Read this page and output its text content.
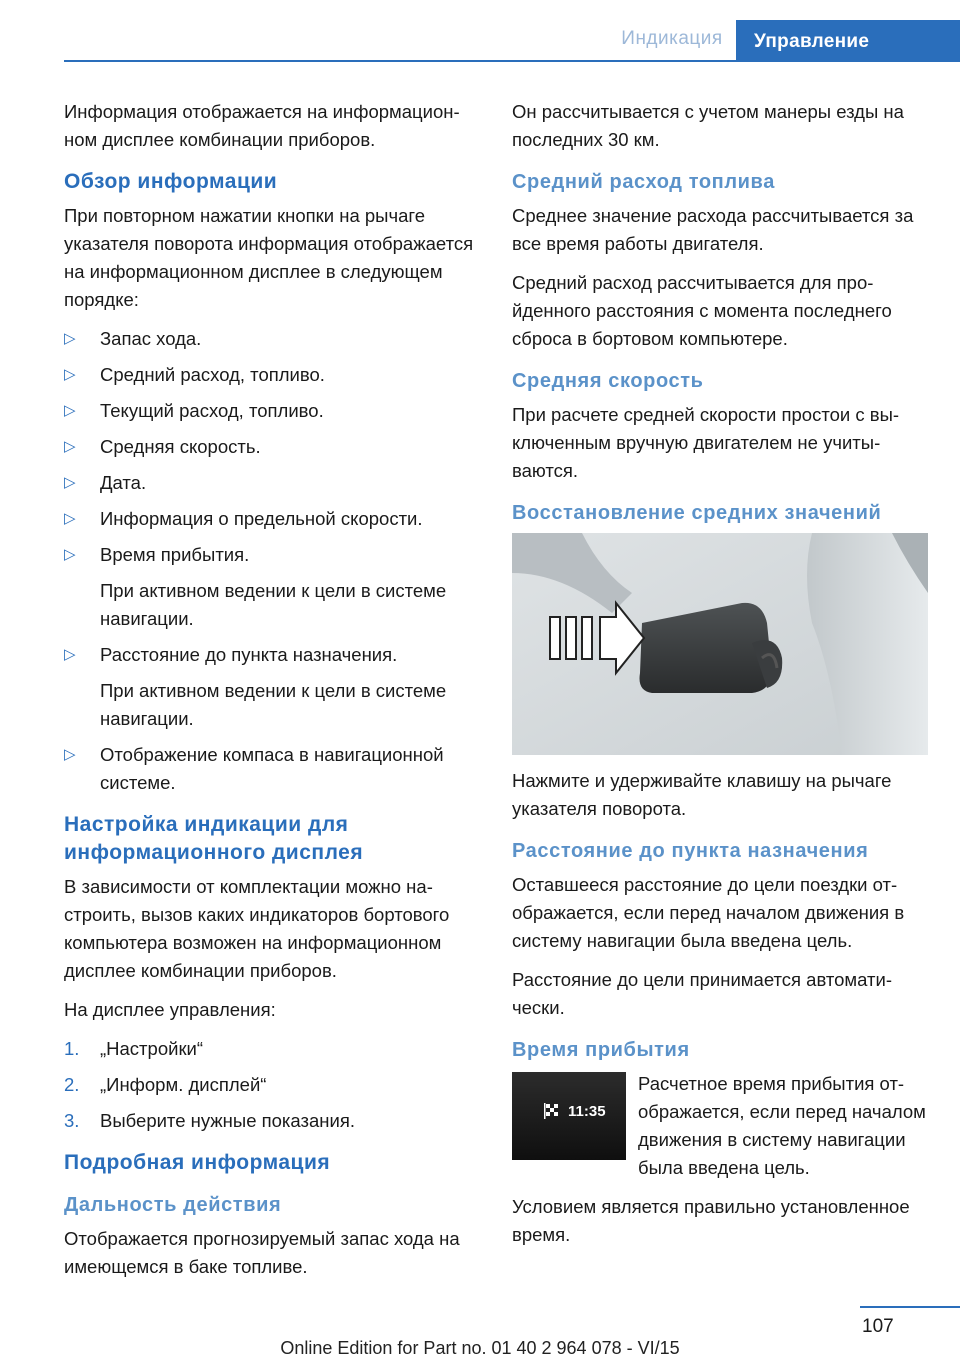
Индикация	Управление

Информация отображается на информационном дисплее комбинации приборов.

Обзор информации

При повторном нажатии кнопки на рычаге указателя поворота информация отображается на информационном дисплее в следующем порядке:

▷ Запас хода.
▷ Средний расход, топливо.
▷ Текущий расход, топливо.
▷ Средняя скорость.
▷ Дата.
▷ Информация о предельной скорости.
▷ Время прибытия.
При активном ведении к цели в системе навигации.
▷ Расстояние до пункта назначения.
При активном ведении к цели в системе навигации.
▷ Отображение компаса в навигационной системе.
Настройка индикации для информационного дисплея

В зависимости от комплектации можно настроить, вызов каких индикаторов бортового компьютера возможен на информационном дисплее комбинации приборов.

На дисплее управления:

1. „Настройки“
2. „Информ. дисплей“
3. Выберите нужные показания.
Подробная информация
Дальность действия

Отображается прогнозируемый запас хода на имеющемся в баке топливе.

Он рассчитывается с учетом манеры езды на последних 30 км.

Средний расход топлива

Среднее значение расхода рассчитывается за все время работы двигателя.

Средний расход рассчитывается для пройденного расстояния с момента последнего сброса в бортовом компьютере.

Средняя скорость

При расчете средней скорости простои с выключенным вручную двигателем не учитываются.

Восстановление средних значений

Нажмите и удерживайте клавишу на рычаге указателя поворота.

Расстояние до пункта назначения

Оставшееся расстояние до цели поездки отображается, если перед началом движения в систему навигации была введена цель.

Расстояние до цели принимается автоматически.

Время прибытия
11:35

Расчетное время прибытия отображается, если перед началом движения в систему навигации была введена цель.

Условием является правильно установленное время.

107
Online Edition for Part no. 01 40 2 964 078 - VI/15
